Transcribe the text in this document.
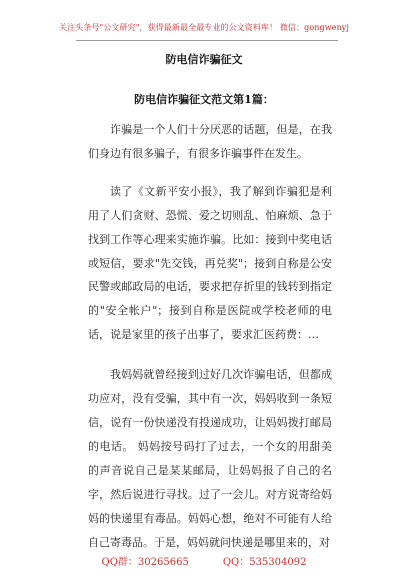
关注头条号"公文研究"，获得最新最全最专业的公文资料库！ 微信：gongwenyj
防电信诈骗征文
防电信诈骗征文范文第1篇：

诈骗是一个人们十分厌恶的话题，但是，在我们身边有很多骗子，有很多诈骗事件在发生。

读了《文新平安小报》，我了解到诈骗犯是利用了人们贪财、恐慌、爱之切则乱、怕麻烦、急于找到工作等心理来实施诈骗。比如：接到中奖电话或短信，要求"先交钱，再兑奖"；接到自称是公安民警或邮政局的电话，要求把存折里的钱转到指定的"安全帐户"；接到自称是医院或学校老师的电话，说是家里的孩子出事了，要求汇医药费：…

我妈妈就曾经接到过好几次诈骗电话，但都成功应对，没有受骗，其中有一次，妈妈收到一条短信，说有一份快递没有投递成功，让妈妈拨打邮局的电话。 妈妈按号码打了过去，一个女的用甜美的声音说自己是某某邮局，让妈妈报了自己的名字，然后说进行寻找。过了一会儿。对方说寄给妈妈的快递里有毒品。妈妈心想，绝对不可能有人给自己寄毒品。于是，妈妈就问快递是哪里来的，对

QQ群：30265665	QQ：535304092
